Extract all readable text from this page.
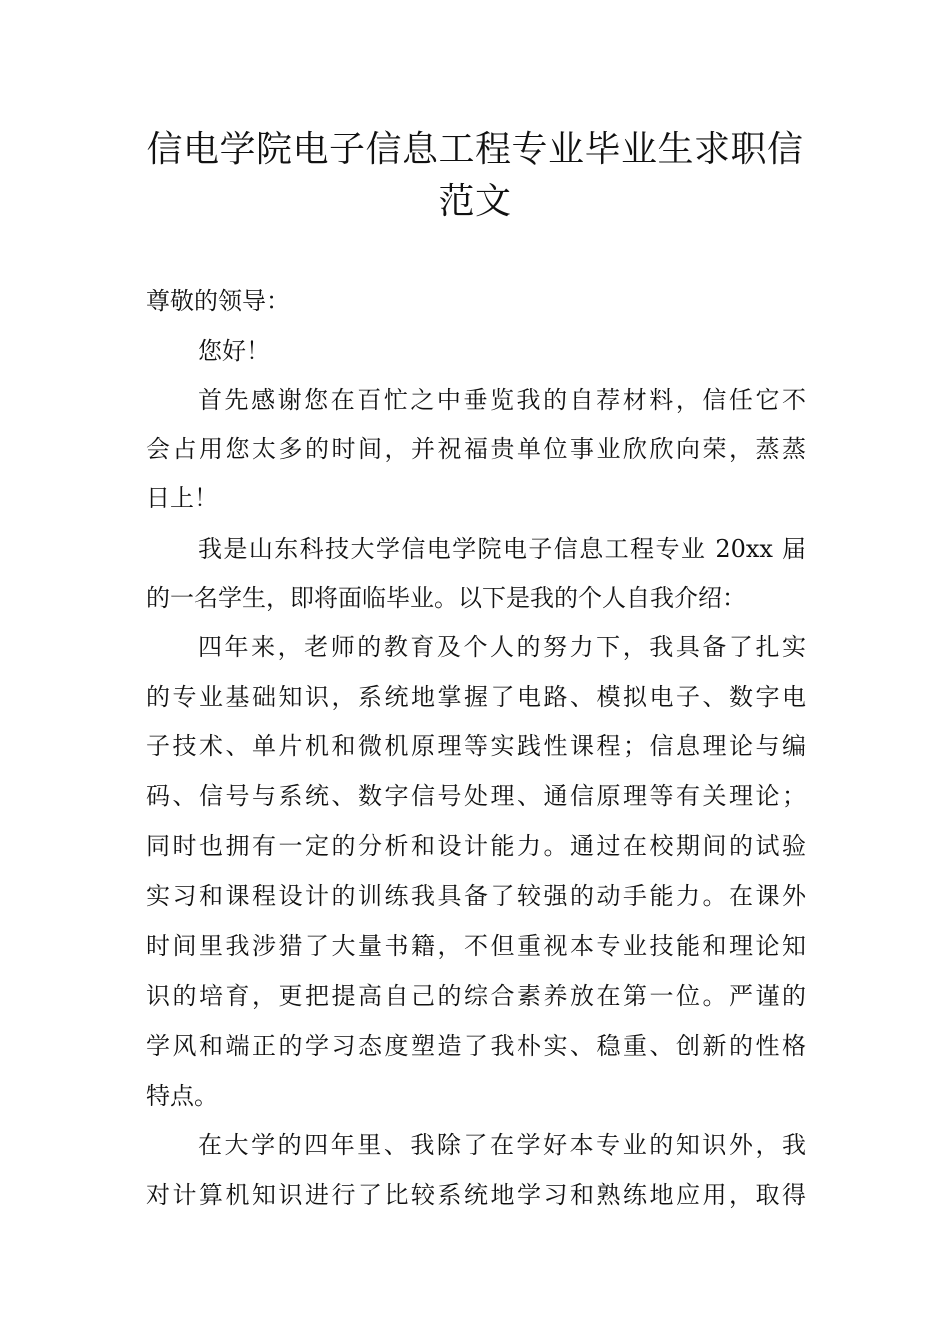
信电学院电子信息工程专业毕业生求职信
范文
尊敬的领导：
您好！
首先感谢您在百忙之中垂览我的自荐材料，信任它不
会占用您太多的时间，并祝福贵单位事业欣欣向荣，蒸蒸
日上！
我是山东科技大学信电学院电子信息工程专业 20xx 届
的一名学生，即将面临毕业。以下是我的个人自我介绍：
四年来，老师的教育及个人的努力下，我具备了扎实
的专业基础知识，系统地掌握了电路、模拟电子、数字电
子技术、单片机和微机原理等实践性课程；信息理论与编
码、信号与系统、数字信号处理、通信原理等有关理论；
同时也拥有一定的分析和设计能力。通过在校期间的试验
实习和课程设计的训练我具备了较强的动手能力。在课外
时间里我涉猎了大量书籍，不但重视本专业技能和理论知
识的培育，更把提高自己的综合素养放在第一位。严谨的
学风和端正的学习态度塑造了我朴实、稳重、创新的性格
特点。
在大学的四年里、我除了在学好本专业的知识外，我
对计算机知识进行了比较系统地学习和熟练地应用，取得
